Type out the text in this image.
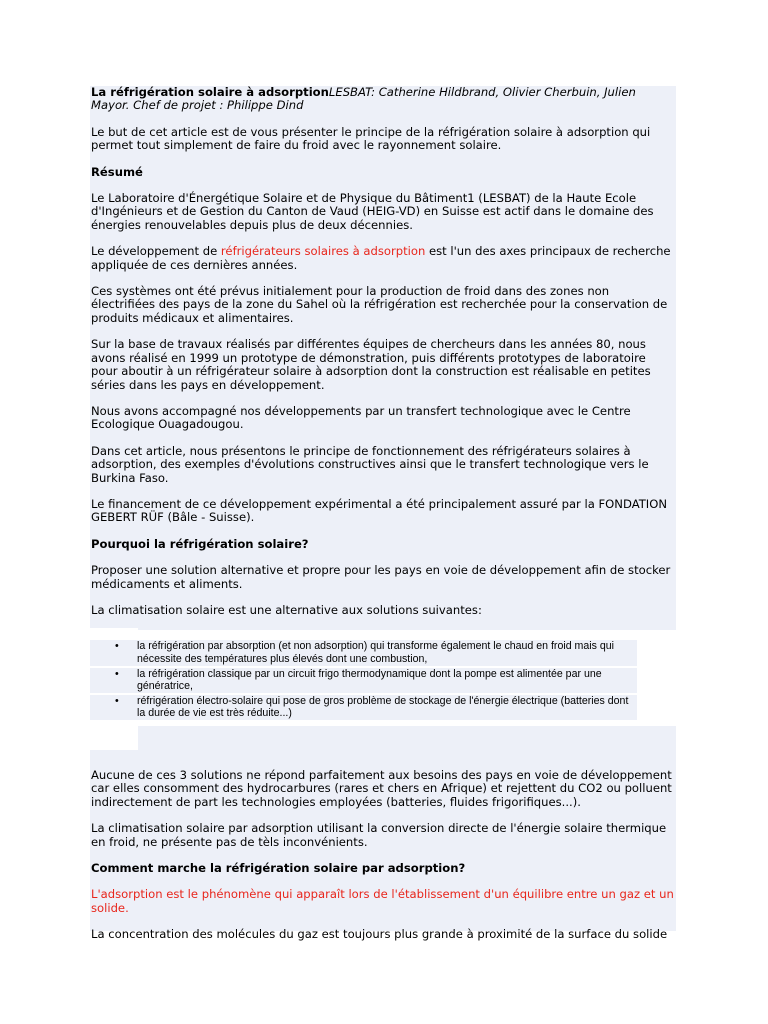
La réfrigération solaire à adsorptionLESBAT: Catherine Hildbrand, Olivier Cherbuin, Julien Mayor. Chef de projet : Philippe Dind

Le but de cet article est de vous présenter le principe de la réfrigération solaire à adsorption qui permet tout simplement de faire du froid avec le rayonnement solaire.

Résumé

Le Laboratoire d'Énergétique Solaire et de Physique du Bâtiment1 (LESBAT) de la Haute Ecole d'Ingénieurs et de Gestion du Canton de Vaud (HEIG-VD) en Suisse est actif dans le domaine des énergies renouvelables depuis plus de deux décennies.

Le développement de réfrigérateurs solaires à adsorption est l'un des axes principaux de recherche appliquée de ces dernières années.

Ces systèmes ont été prévus initialement pour la production de froid dans des zones non électrifiées des pays de la zone du Sahel où la réfrigération est recherchée pour la conservation de produits médicaux et alimentaires.

Sur la base de travaux réalisés par différentes équipes de chercheurs dans les années 80, nous avons réalisé en 1999 un prototype de démonstration, puis différents prototypes de laboratoire pour aboutir à un réfrigérateur solaire à adsorption dont la construction est réalisable en petites séries dans les pays en développement.

Nous avons accompagné nos développements par un transfert technologique avec le Centre Ecologique Ouagadougou.

Dans cet article, nous présentons le principe de fonctionnement des réfrigérateurs solaires à adsorption, des exemples d'évolutions constructives ainsi que le transfert technologique vers le Burkina Faso.

Le financement de ce développement expérimental a été principalement assuré par la FONDATION GEBERT RÜF (Bâle - Suisse).

Pourquoi la réfrigération solaire?

Proposer une solution alternative et propre pour les pays en voie de développement afin de stocker médicaments et aliments.

La climatisation solaire est une alternative aux solutions suivantes:

• la réfrigération par absorption (et non adsorption) qui transforme également le chaud en froid mais qui nécessite des températures plus élevés dont une combustion,
• la réfrigération classique par un circuit frigo thermodynamique dont la pompe est alimentée par une génératrice,
• réfrigération électro-solaire qui pose de gros problème de stockage de l'énergie électrique (batteries dont la durée de vie est très réduite...)

Aucune de ces 3 solutions ne répond parfaitement aux besoins des pays en voie de développement car elles consomment des hydrocarbures (rares et chers en Afrique) et rejettent du CO2 ou polluent indirectement de part les technologies employées (batteries, fluides frigorifiques...).

La climatisation solaire par adsorption utilisant la conversion directe de l'énergie solaire thermique en froid, ne présente pas de tèls inconvénients.

Comment marche la réfrigération solaire par adsorption?

L'adsorption est le phénomène qui apparaît lors de l'établissement d'un équilibre entre un gaz et un solide.

La concentration des molécules du gaz est toujours plus grande à proximité de la surface du solide
